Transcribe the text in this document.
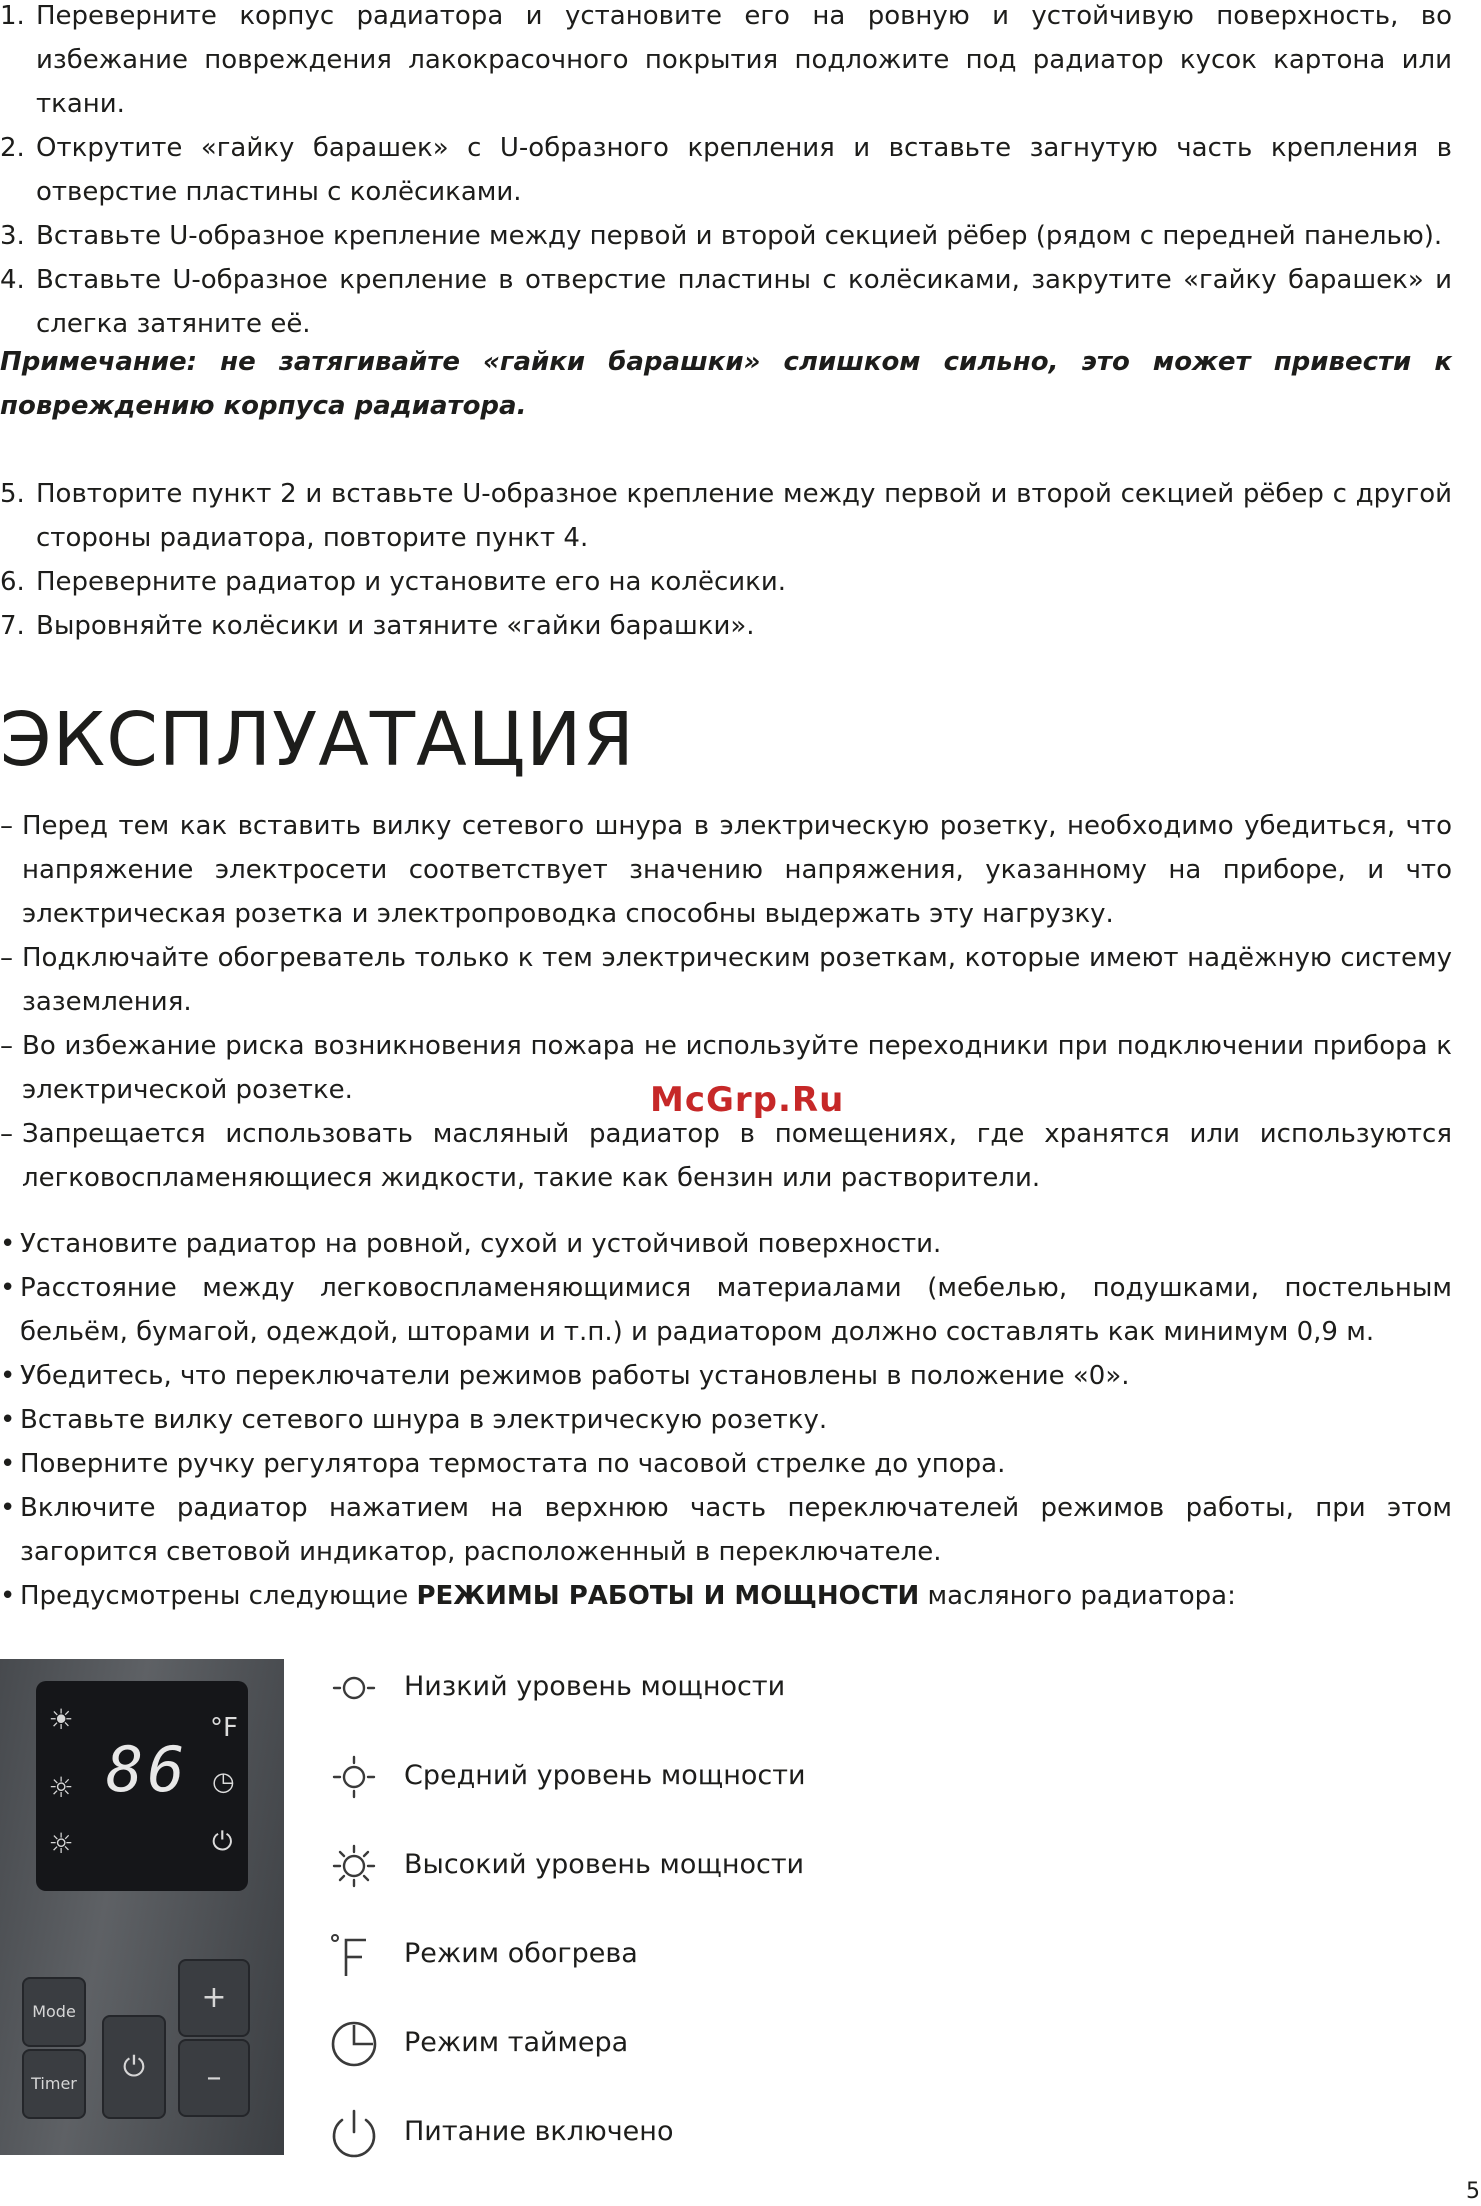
1. Переверните корпус радиатора и установите его на ровную и устойчивую поверхность, во избежание повреждения лакокрасочного покрытия подложите под радиатор кусок картона или ткани.
2. Открутите «гайку барашек» с U-образного крепления и вставьте загнутую часть крепления в отверстие пластины с колёсиками.
3. Вставьте U-образное крепление между первой и второй секцией рёбер (рядом с передней панелью).
4. Вставьте U-образное крепление в отверстие пластины с колёсиками, закрутите «гайку барашек» и слегка затяните её.

Примечание: не затягивайте «гайки барашки» слишком сильно, это может привести к повреждению корпуса радиатора.

5. Повторите пункт 2 и вставьте U-образное крепление между первой и второй секцией рёбер с другой стороны радиатора, повторите пункт 4.
6. Переверните радиатор и установите его на колёсики.
7. Выровняйте колёсики и затяните «гайки барашки».
ЭКСПЛУАТАЦИЯ
– Перед тем как вставить вилку сетевого шнура в электрическую розетку, необходимо убедиться, что напряжение электросети соответствует значению напряжения, указанному на приборе, и что электрическая розетка и электропроводка способны выдержать эту нагрузку.
– Подключайте обогреватель только к тем электрическим розеткам, которые имеют надёжную систему заземления.
– Во избежание риска возникновения пожара не используйте переходники при подключении прибора к электрической розетке.
– Запрещается использовать масляный радиатор в помещениях, где хранятся или используются легковоспламеняющиеся жидкости, такие как бензин или растворители.
McGrp.Ru
• Установите радиатор на ровной, сухой и устойчивой поверхности.
• Расстояние между легковоспламеняющимися материалами (мебелью, подушками, постельным бельём, бумагой, одеждой, шторами и т.п.) и радиатором должно составлять как минимум 0,9 м.
• Убедитесь, что переключатели режимов работы установлены в положение «0».
• Вставьте вилку сетевого шнура в электрическую розетку.
• Поверните ручку регулятора термостата по часовой стрелке до упора.
• Включите радиатор нажатием на верхнюю часть переключателей режимов работы, при этом загорится световой индикатор, расположенный в переключателе.
• Предусмотрены следующие РЕЖИМЫ РАБОТЫ И МОЩНОСТИ масляного радиатора:
☀
☼
☼
86
°F
◷
⏻
Mode
Timer
⏻
+
–
Низкий уровень мощности
Средний уровень мощности
Высокий уровень мощности
Режим обогрева
Режим таймера
Питание включено
5
